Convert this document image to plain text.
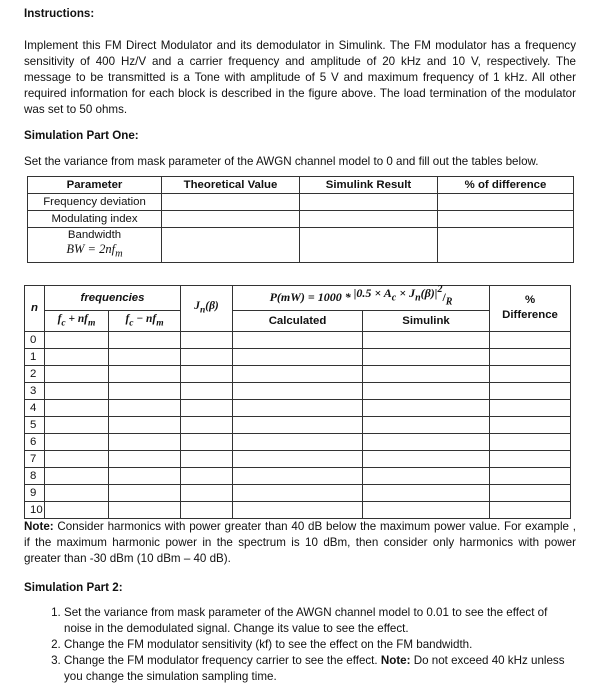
Instructions:

Implement this FM Direct Modulator and its demodulator in Simulink. The FM modulator has a frequency sensitivity of 400 Hz/V and a carrier frequency and amplitude of 20 kHz and 10 V, respectively. The message to be transmitted is a Tone with amplitude of 5 V and maximum frequency of 1 kHz. All other required information for each block is described in the figure above. The load termination of the modulator was set to 50 ohms.

Simulation Part One:

Set the variance from mask parameter of the AWGN channel model to 0 and fill out the tables below.

Parameter	Theoretical Value	Simulink Result	% of difference
Frequency deviation			
Modulating index			

Bandwidth
BW = $2nf_m$

n	frequencies		$J_n(\beta)$	$P(mW) = 1000 * |0.5 \times A_c \times J_n(\beta)|^2/_R$		%
Difference

	$f_c + nf_m$	$f_c - nf_m$		Calculated	Simulink	
0						
1						
2						
3						
4						
5						
6						
7						
8						
9						
10						

Note: Consider harmonics with power greater than 40 dB below the maximum power value. For example , if the maximum harmonic power in the spectrum is 10 dBm, then consider only harmonics with power greater than -30 dBm (10 dBm – 40 dB).

Simulation Part 2:

1. Set the variance from mask parameter of the AWGN channel model to 0.01 to see the effect of noise in the demodulated signal. Change its value to see the effect.
2. Change the FM modulator sensitivity (kf) to see the effect on the FM bandwidth.
3. Change the FM modulator frequency carrier to see the effect. Note: Do not exceed 40 kHz unless you change the simulation sampling time.
